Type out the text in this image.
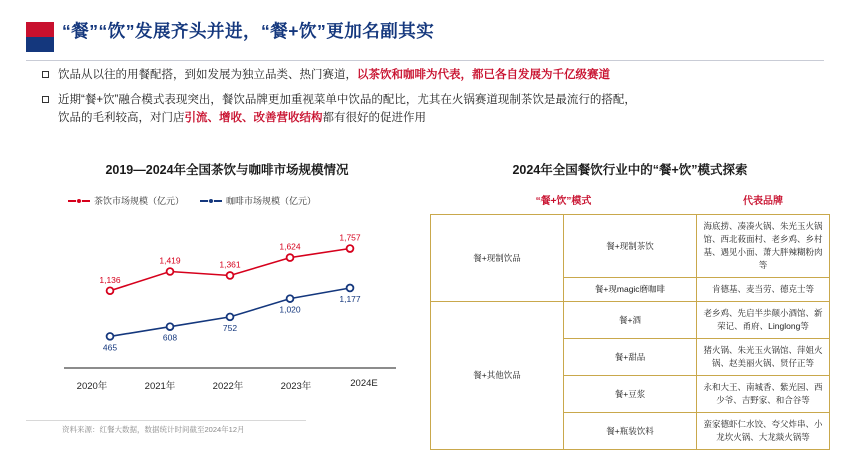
“餐”“饮”发展齐头并进，“餐+饮”更加名副其实
饮品从以往的用餐配搭，到如发展为独立品类、热门赛道，以茶饮和咖啡为代表，都已各自发展为千亿级赛道
近期“餐+饮”融合模式表现突出，餐饮品牌更加重视菜单中饮品的配比，尤其在火锅赛道现制茶饮是最流行的搭配，
饮品的毛利较高，对门店引流、增收、改善营收结构都有很好的促进作用
2019—2024年全国茶饮与咖啡市场规模情况
茶饮市场规模（亿元）	咖啡市场规模（亿元）
1,136
1,419	1,361
1,624
1,757
465
608
752
1,020
1,177
2020年	2021年	2022年	2023年	2024E
2024年全国餐饮行业中的“餐+饮”模式探索
“餐+饮”模式		代表品牌
餐+现制饮品	餐+现制茶饮	海底捞、凑凑火锅、朱光玉火锅馆、西北莜面村、老乡鸡、乡村基、遇见小面、萧大胖辣糊粉肉等
	餐+现magic磨咖啡	肯德基、麦当劳、德克士等
餐+其他饮品	餐+酒	老乡鸡、先启半歩颠小酒馆、新荣记、甬府、Linglong等
	餐+甜品	猪火锅、朱光玉火锅馆、萍姐火锅、赵美丽火锅、贤仔正等
	餐+豆浆	永和大王、南城香、紫光园、西少爷、吉野家、和合谷等
	餐+瓶装饮料	蛮家德虾仁水饺、夸父炸串、小龙坎火锅、大龙燚火锅等
资料来源：红餐大数据，数据统计时间截至2024年12月
